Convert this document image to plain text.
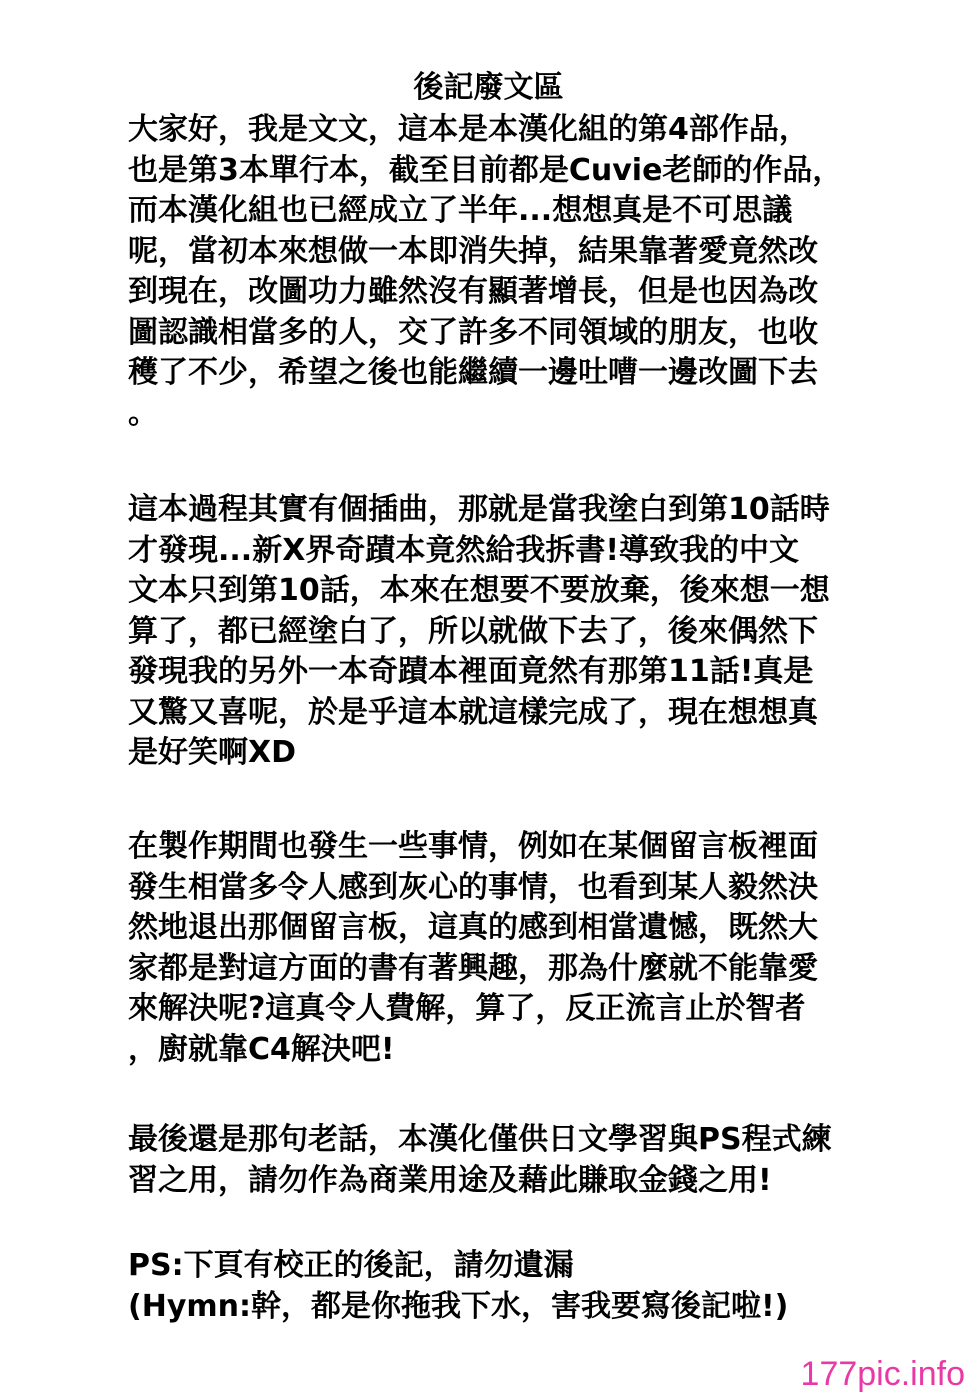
後記廢文區
大家好，我是文文，這本是本漢化組的第4部作品，
也是第3本單行本，截至目前都是Cuvie老師的作品，
而本漢化組也已經成立了半年...想想真是不可思議
呢，當初本來想做一本即消失掉，結果靠著愛竟然改
到現在，改圖功力雖然沒有顯著增長，但是也因為改
圖認識相當多的人，交了許多不同領域的朋友，也收
穫了不少，希望之後也能繼續一邊吐嘈一邊改圖下去
。
這本過程其實有個插曲，那就是當我塗白到第10話時
才發現...新X界奇蹟本竟然給我拆書!導致我的中文
文本只到第10話，本來在想要不要放棄，後來想一想
算了，都已經塗白了，所以就做下去了，後來偶然下
發現我的另外一本奇蹟本裡面竟然有那第11話!真是
又驚又喜呢，於是乎這本就這樣完成了，現在想想真
是好笑啊XD
在製作期間也發生一些事情，例如在某個留言板裡面
發生相當多令人感到灰心的事情，也看到某人毅然決
然地退出那個留言板，這真的感到相當遺憾，既然大
家都是對這方面的書有著興趣，那為什麼就不能靠愛
來解決呢?這真令人費解，算了，反正流言止於智者
，廚就靠C4解決吧!
最後還是那句老話，本漢化僅供日文學習與PS程式練
習之用，請勿作為商業用途及藉此賺取金錢之用!
PS:下頁有校正的後記，請勿遺漏
(Hymn:幹，都是你拖我下水，害我要寫後記啦!)
177pic.info
